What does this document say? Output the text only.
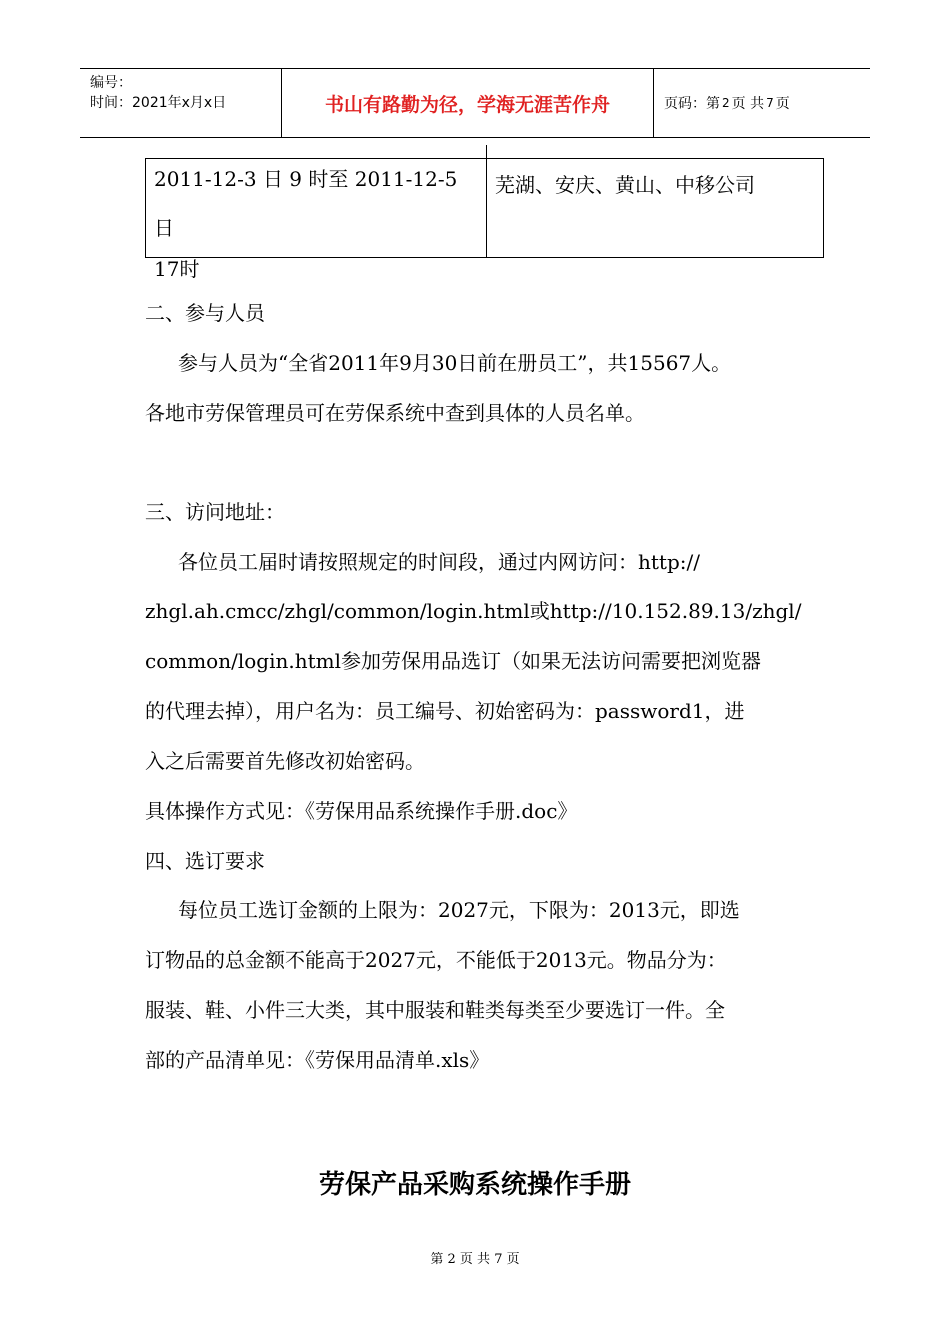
编号：
时间：2021年x月x日	书山有路勤为径，学海无涯苦作舟	页码：第 2 页 共 7 页
2011-12-3 日 9 时至 2011-12-5 日
17时
芜湖、安庆、黄山、中移公司
二、参与人员
参与人员为“全省2011年9月30日前在册员工”，共15567人。
各地市劳保管理员可在劳保系统中查到具体的人员名单。
三、访问地址：
各位员工届时请按照规定的时间段，通过内网访问：http://
zhgl.ah.cmcc/zhgl/common/login.html或http://10.152.89.13/zhgl/
common/login.html参加劳保用品选订（如果无法访问需要把浏览器
的代理去掉），用户名为：员工编号、初始密码为：password1，进
入之后需要首先修改初始密码。
具体操作方式见：《劳保用品系统操作手册.doc》
四、选订要求
每位员工选订金额的上限为：2027元，下限为：2013元，即选
订物品的总金额不能高于2027元，不能低于2013元。物品分为：
服装、鞋、小件三大类，其中服装和鞋类每类至少要选订一件。全
部的产品清单见：《劳保用品清单.xls》
劳保产品采购系统操作手册
第 2 页 共 7 页
